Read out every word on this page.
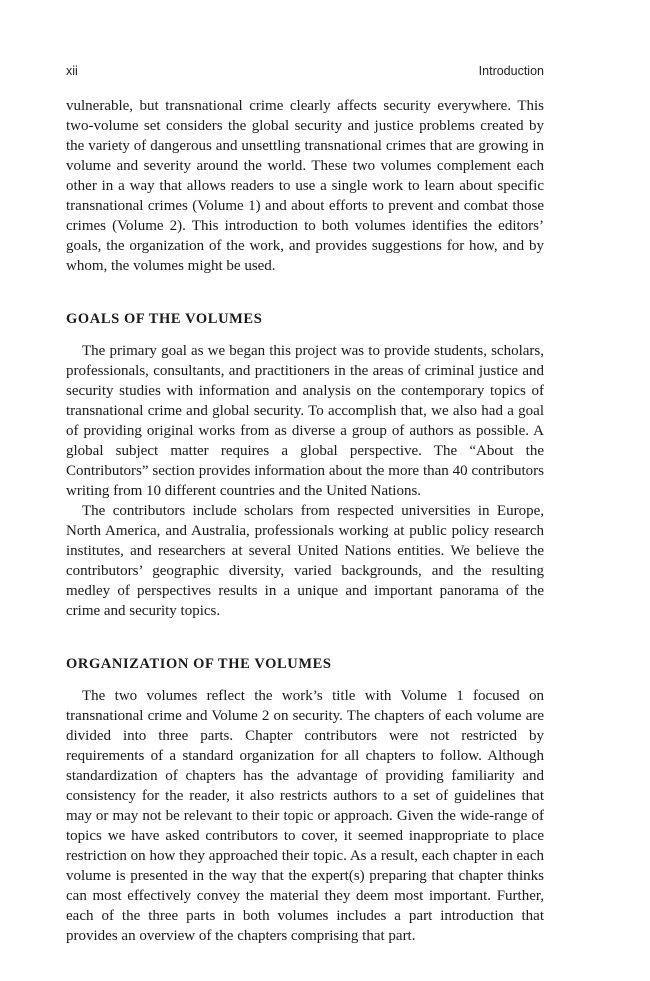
xii	Introduction

vulnerable, but transnational crime clearly affects security everywhere. This two-volume set considers the global security and justice problems created by the variety of dangerous and unsettling transnational crimes that are growing in volume and severity around the world. These two volumes complement each other in a way that allows readers to use a single work to learn about specific transnational crimes (Volume 1) and about efforts to prevent and combat those crimes (Volume 2). This introduction to both volumes identifies the editors’ goals, the organization of the work, and provides suggestions for how, and by whom, the volumes might be used.

GOALS OF THE VOLUMES

The primary goal as we began this project was to provide students, scholars, professionals, consultants, and practitioners in the areas of criminal justice and security studies with information and analysis on the contemporary topics of transnational crime and global security. To accomplish that, we also had a goal of providing original works from as diverse a group of authors as possible. A global subject matter requires a global perspective. The “About the Contributors” section provides information about the more than 40 contributors writing from 10 different countries and the United Nations.

The contributors include scholars from respected universities in Europe, North America, and Australia, professionals working at public policy research institutes, and researchers at several United Nations entities. We believe the contributors’ geographic diversity, varied backgrounds, and the resulting medley of perspectives results in a unique and important panorama of the crime and security topics.

ORGANIZATION OF THE VOLUMES

The two volumes reflect the work’s title with Volume 1 focused on transnational crime and Volume 2 on security. The chapters of each volume are divided into three parts. Chapter contributors were not restricted by requirements of a standard organization for all chapters to follow. Although standardization of chapters has the advantage of providing familiarity and consistency for the reader, it also restricts authors to a set of guidelines that may or may not be relevant to their topic or approach. Given the wide-range of topics we have asked contributors to cover, it seemed inappropriate to place restriction on how they approached their topic. As a result, each chapter in each volume is presented in the way that the expert(s) preparing that chapter thinks can most effectively convey the material they deem most important. Further, each of the three parts in both volumes includes a part introduction that provides an overview of the chapters comprising that part.
